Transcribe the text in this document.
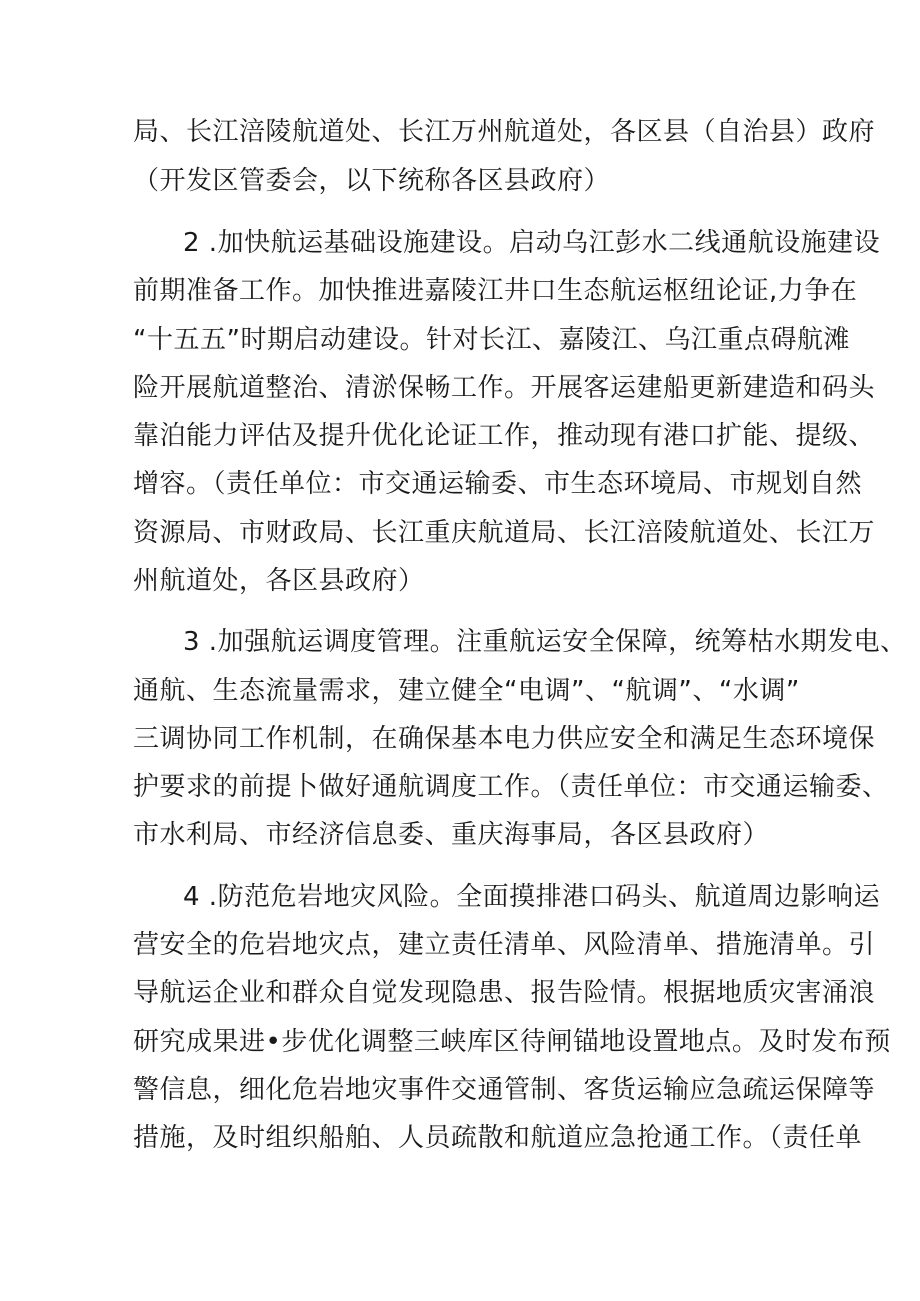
局、长江涪陵航道处、长江万州航道处，各区县（自治县）政府
（开发区管委会，以下统称各区县政府）
2 .加快航运基础设施建设。启动乌江彭水二线通航设施建设
前期准备工作。加快推进嘉陵江井口生态航运枢纽论证,力争在
“十五五”时期启动建设。针对长江、嘉陵江、乌江重点碍航滩
险开展航道整治、清淤保畅工作。开展客运建船更新建造和码头
靠泊能力评估及提升优化论证工作，推动现有港口扩能、提级、
增容。（责任单位：市交通运输委、市生态环境局、市规划自然
资源局、市财政局、长江重庆航道局、长江涪陵航道处、长江万
州航道处，各区县政府）
3 .加强航运调度管理。注重航运安全保障，统筹枯水期发电、
通航、生态流量需求，建立健全“电调”、“航调”、“水调”
三调协同工作机制，在确保基本电力供应安全和满足生态环境保
护要求的前提卜做好通航调度工作。（责任单位：市交通运输委、
市水利局、市经济信息委、重庆海事局，各区县政府）
4 .防范危岩地灾风险。全面摸排港口码头、航道周边影响运
营安全的危岩地灾点，建立责任清单、风险清单、措施清单。引
导航运企业和群众自觉发现隐患、报告险情。根据地质灾害涌浪
研究成果进•步优化调整三峡库区待闸锚地设置地点。及时发布预
警信息，细化危岩地灾事件交通管制、客货运输应急疏运保障等
措施，及时组织船舶、人员疏散和航道应急抢通工作。（责任单
